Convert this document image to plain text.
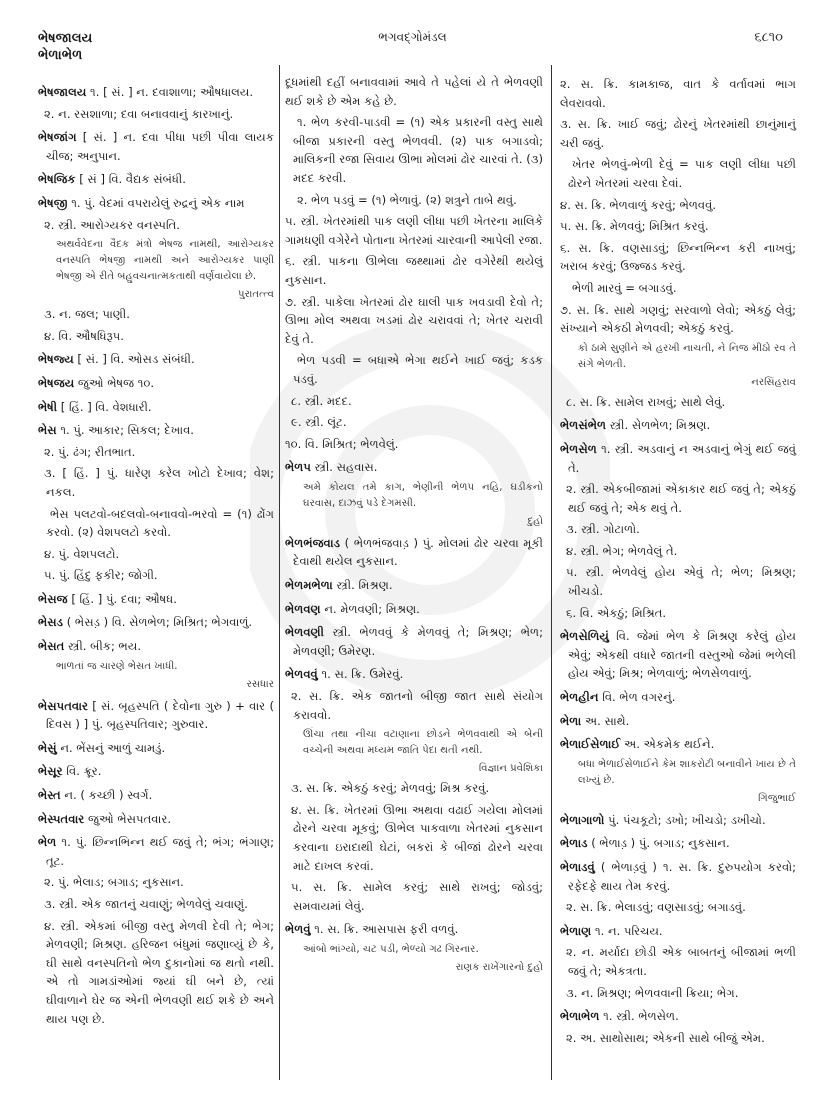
ભેષજાલય
ભેળાભેળ
ભગવદ્ગોમંડલ	૬૮૧૦

ભેષજાલય ૧. [ સં. ] ન. દવાશાળા; ઔષધાલય.

૨. ન. રસશાળા; દવા બનાવવાનું કારખાનું.

ભેષજાંગ [ સં. ] ન. દવા પીધા પછી પીવા લાયક ચીજ; અનુપાન.

ભેષજિક [ સં ] વિ. વૈદ્યક સંબંધી.

ભેષજી ૧. પું. વેદમાં વપરાયેલું રુદ્રનું એક નામ

૨. સ્ત્રી. આરોગ્યકર વનસ્પતિ.

અથર્વવેદના વૈદક મંત્રો ભેષજ નામથી, આરોગ્યકર વનસ્પતિ ભેષજી નામથી અને આરોગ્યકર પાણી ભેષજી એ રીતે બહુવચનાત્મકતાથી વર્ણવાયેલા છે.

પુરાતત્ત્વ

૩. ન. જલ; પાણી.

૪. વિ. ઔષધિરૂપ.

ભેષજ્ય [ સં. ] વિ. ઓસડ સંબંધી.

ભેષજય જુઓ ભેષજ ૧૦.

ભેષી [ હિં. ] વિ. વેશધારી.

ભેસ ૧. પું. આકાર; સિકલ; દેખાવ.

૨. પું. ઢંગ; રીતભાત.

૩. [ હિં. ] પું. ધારેણ કરેલ ખોટો દેખાવ; વેશ; નકલ.

ભેસ પલટવો-બદલવો-બનાવવો-ભરવો = (૧) ઢોંગ કરવો. (૨) વેશપલટો કરવો.

૪. પું. વેશપલટો.

૫. પું. હિંદુ ફકીર; જોગી.

ભેસજ [ હિં. ] પું. દવા; ઔષધ.

ભેસડ ( ભેસડ઼ ) વિ. સેળભેળ; મિશ્રિત; ભેગવાળું.

ભેસત સ્ત્રી. બીક; ભય.

ભાળતાં જ ચારણે ભેસત ખાધી.

રસધાર

ભેસપતવાર [ સં. બૃહસ્પતિ ( દેવોના ગુરુ ) + વાર ( દિવસ ) ] પું. બૃહસ્પતિવાર; ગુરુવાર.

ભેસું ન. ભેંસનું આળું ચામડું.

ભેસૂર વિ. ક્રૂર.

ભેસ્ત ન. ( કચ્છી ) સ્વર્ગ.

ભેસ્પતવાર જુઓ ભેસપતવાર.

ભેળ ૧. પું. છિન્નભિન્ન થઈ જવું તે; ભંગ; ભંગાણ; તૂટ.

૨. પું. ભેલાડ; બગાડ; નુકસાન.

૩. સ્ત્રી. એક જાતનું ચવાણું; ભેળવેલું ચવાણું.

૪. સ્ત્રી. એકમાં બીજી વસ્તુ મેળવી દેવી તે; ભેગ; મેળવણી; મિશ્રણ. હરિજન બંધુમાં જણાવ્યું છે કે, ઘી સાથે વનસ્પતિનો ભેળ દુકાનોમાં જ થતો નથી. એ તો ગામડાંઓમાં જ્યાં ઘી બને છે, ત્યાં ઘીવાળાને ઘેર જ એની ભેળવણી થઈ શકે છે અને થાય પણ છે.

દૂધમાંથી દહીં બનાવવામાં આવે તે પહેલાં યે તે ભેળવણી થઈ શકે છે એમ કહે છે.

૧. ભેળ કરવી-પાડવી = (૧) એક પ્રકારની વસ્તુ સાથે બીજા પ્રકારની વસ્તુ ભેળવવી. (૨) પાક બગાડવો; માલિકની રજા સિવાય ઊભા મોલમાં ઢોર ચારવાં તે. (૩) મદદ કરવી.

૨. ભેળ પડવું = (૧) ભેળાવું. (૨) શત્રુને તાબે થવું.

૫. સ્ત્રી. ખેતરમાંથી પાક લણી લીધા પછી ખેતરના માલિકે ગામધણી વગેરેને પોતાના ખેતરમાં ચારવાની આપેલી રજા.

૬. સ્ત્રી. પાકના ઊભેલા જથ્થામાં ઢોર વગેરેથી થયેલું નુકસાન.

૭. સ્ત્રી. પાકેલા ખેતરમાં ઢોર ઘાલી પાક ખવડાવી દેવો તે; ઊભા મોલ અથવા ખડમાં ઢોર ચરાવવાં તે; ખેતર ચરાવી દેવું તે.

ભેળ પડવી = બધાએ ભેગા થઈને ખાઈ જવું; કડક પડવું.

૮. સ્ત્રી. મદદ.

૯. સ્ત્રી. લૂંટ.

૧૦. વિ. મિશ્રિત; ભેળવેલું.

ભેળપ સ્ત્રી. સહવાસ.

અમે કોયલ તમે કાગ, ભેણીની ભેળપ નહિ, ઘડીકનો ઘરવાસ, દાઝવું પડે દેગમસી.

દુહો

ભેળભંજવાડ ( ભેળભંજવાડ઼ ) પું. મોલમાં ઢોર ચરવા મૂકી દેવાથી થયેલ નુકસાન.

ભેળમભેળા સ્ત્રી. મિશ્રણ.

ભેળવણ ન. મેળવણી; મિશ્રણ.

ભેળવણી સ્ત્રી. ભેળવવું કે મેળવવું તે; મિશ્રણ; ભેળ; મેળવણી; ઉમેરણ.

ભેળવવું ૧. સ. ક્રિ. ઉમેરવું.

૨. સ. ક્રિ. એક જાતનો બીજી જાત સાથે સંયોગ કરાવવો.

ઊંચા તથા નીચા વટાણાના છોડને ભેળવવાથી એ બેની વચ્ચેની અથવા મધ્યમ જાતિ પેદા થતી નથી.

વિજ્ઞાન પ્રવેશિકા

૩. સ. ક્રિ. એકઠું કરવું; મેળવવું; મિશ્ર કરવું.

૪. સ. ક્રિ. ખેતરમાં ઊભા અથવા વઢાઈ ગયેલા મોલમાં ઢોરને ચરવા મૂકવું; ઊભેલ પાકવાળા ખેતરમાં નુકસાન કરવાના ઇરાદાથી ઘેટાં, બકરાં કે બીજાં ઢોરને ચરવા માટે દાખલ કરવાં.

૫. સ. ક્રિ. સામેલ કરવું; સાથે રાખવું; જોડવું; સમવાયમાં લેવું.

ભેળવું ૧. સ. ક્રિ. આસપાસ ફરી વળવું.

આંબો ભાંગ્યો, ચટ પડી, ભેળ્યો ગઢ ગિરનાર.

રાણક રાખેંગારનો દુહો

૨. સ. ક્રિ. કામકાજ, વાત કે વર્તાવમાં ભાગ લેવરાવવો.

૩. સ. ક્રિ. ખાઈ જવું; ઢોરનું ખેતરમાંથી છાનુંમાનું ચરી જવું.

ખેતર ભેળવું-ભેળી દેવું = પાક લણી લીધા પછી ઢોરને ખેતરમાં ચરવા દેવાં.

૪. સ. ક્રિ. ભેળવાળું કરવું; ભેળવવું.

૫. સ. ક્રિ. મેળવવું; મિશ્રિત કરવું.

૬. સ. ક્રિ. વણસાડવું; છિન્નભિન્ન કરી નાખવું; ખરાબ કરવું; ઉજ્જડ કરવું.

ભેળી મારવું = બગાડવું.

૭. સ. ક્રિ. સાથે ગણવું; સરવાળો લેવો; એકઠું લેવું; સંખ્યાને એકઠી મેળવવી; એકઠું કરવું.

કો ઠામે સુણીને એ હરખી નાચતી, ને નિજ મીઠો રવ તે સંગે ભેળતી.

નરસિંહરાવ

૮. સ. ક્રિ. સામેલ રાખવું; સાથે લેવું.

ભેળસંભેળ સ્ત્રી. સેળભેળ; મિશ્રણ.

ભેળસેળ ૧. સ્ત્રી. અડવાનું ન અડવાનું ભેગું થઈ જવું તે.

૨. સ્ત્રી. એકબીજામાં એકાકાર થઈ જવું તે; એકઠું થઈ જવું તે; એક થવું તે.

૩. સ્ત્રી. ગોટાળો.

૪. સ્ત્રી. ભેગ; ભેળવેલું તે.

૫. સ્ત્રી. ભેળવેલું હોય એવું તે; ભેળ; મિશ્રણ; ખીચડો.

૬. વિ. એકઠું; મિશ્રિત.

ભેળસેળિયું વિ. જેમાં ભેળ કે મિશ્રણ કરેલું હોય એવું; એકથી વધારે જાતની વસ્તુઓ જેમાં ભળેલી હોય એવું; મિશ્ર; ભેળવાળું; ભેળસેળવાળું.

ભેળહીન વિ. ભેળ વગરનું.

ભેળા અ. સાથે.

ભેળાઈસેળાઈ અ. એકમેક થઈને.

બધા ભેળાઈસેળાઈને કેમ શાકરોટી બનાવીને ખાય છે તે લખ્યું છે.

ગિજુભાઈ

ભેળાગાળો પું. પંચકૂટો; ડખો; ખીચડો; ડખીચો.

ભેળાડ ( ભેળાડ઼ ) પું. બગાડ; નુકસાન.

ભેળાડવું ( ભેળાડ઼વું ) ૧. સ. ક્રિ. દુરુપયોગ કરવો; રફેદફે થાય તેમ કરવું.

૨. સ. ક્રિ. ભેલાડવું; વણસાડવું; બગાડવું.

ભેળાણ ૧. ન. પરિચય.

૨. ન. મર્યાદા છોડી એક બાબતનું બીજામાં ભળી જવું તે; એકત્રતા.

૩. ન. મિશ્રણ; ભેળવવાની ક્રિયા; ભેગ.

ભેળાભેળ ૧. સ્ત્રી. ભેળસેળ.

૨. અ. સાથોસાથ; એકની સાથે બીજું એમ.
